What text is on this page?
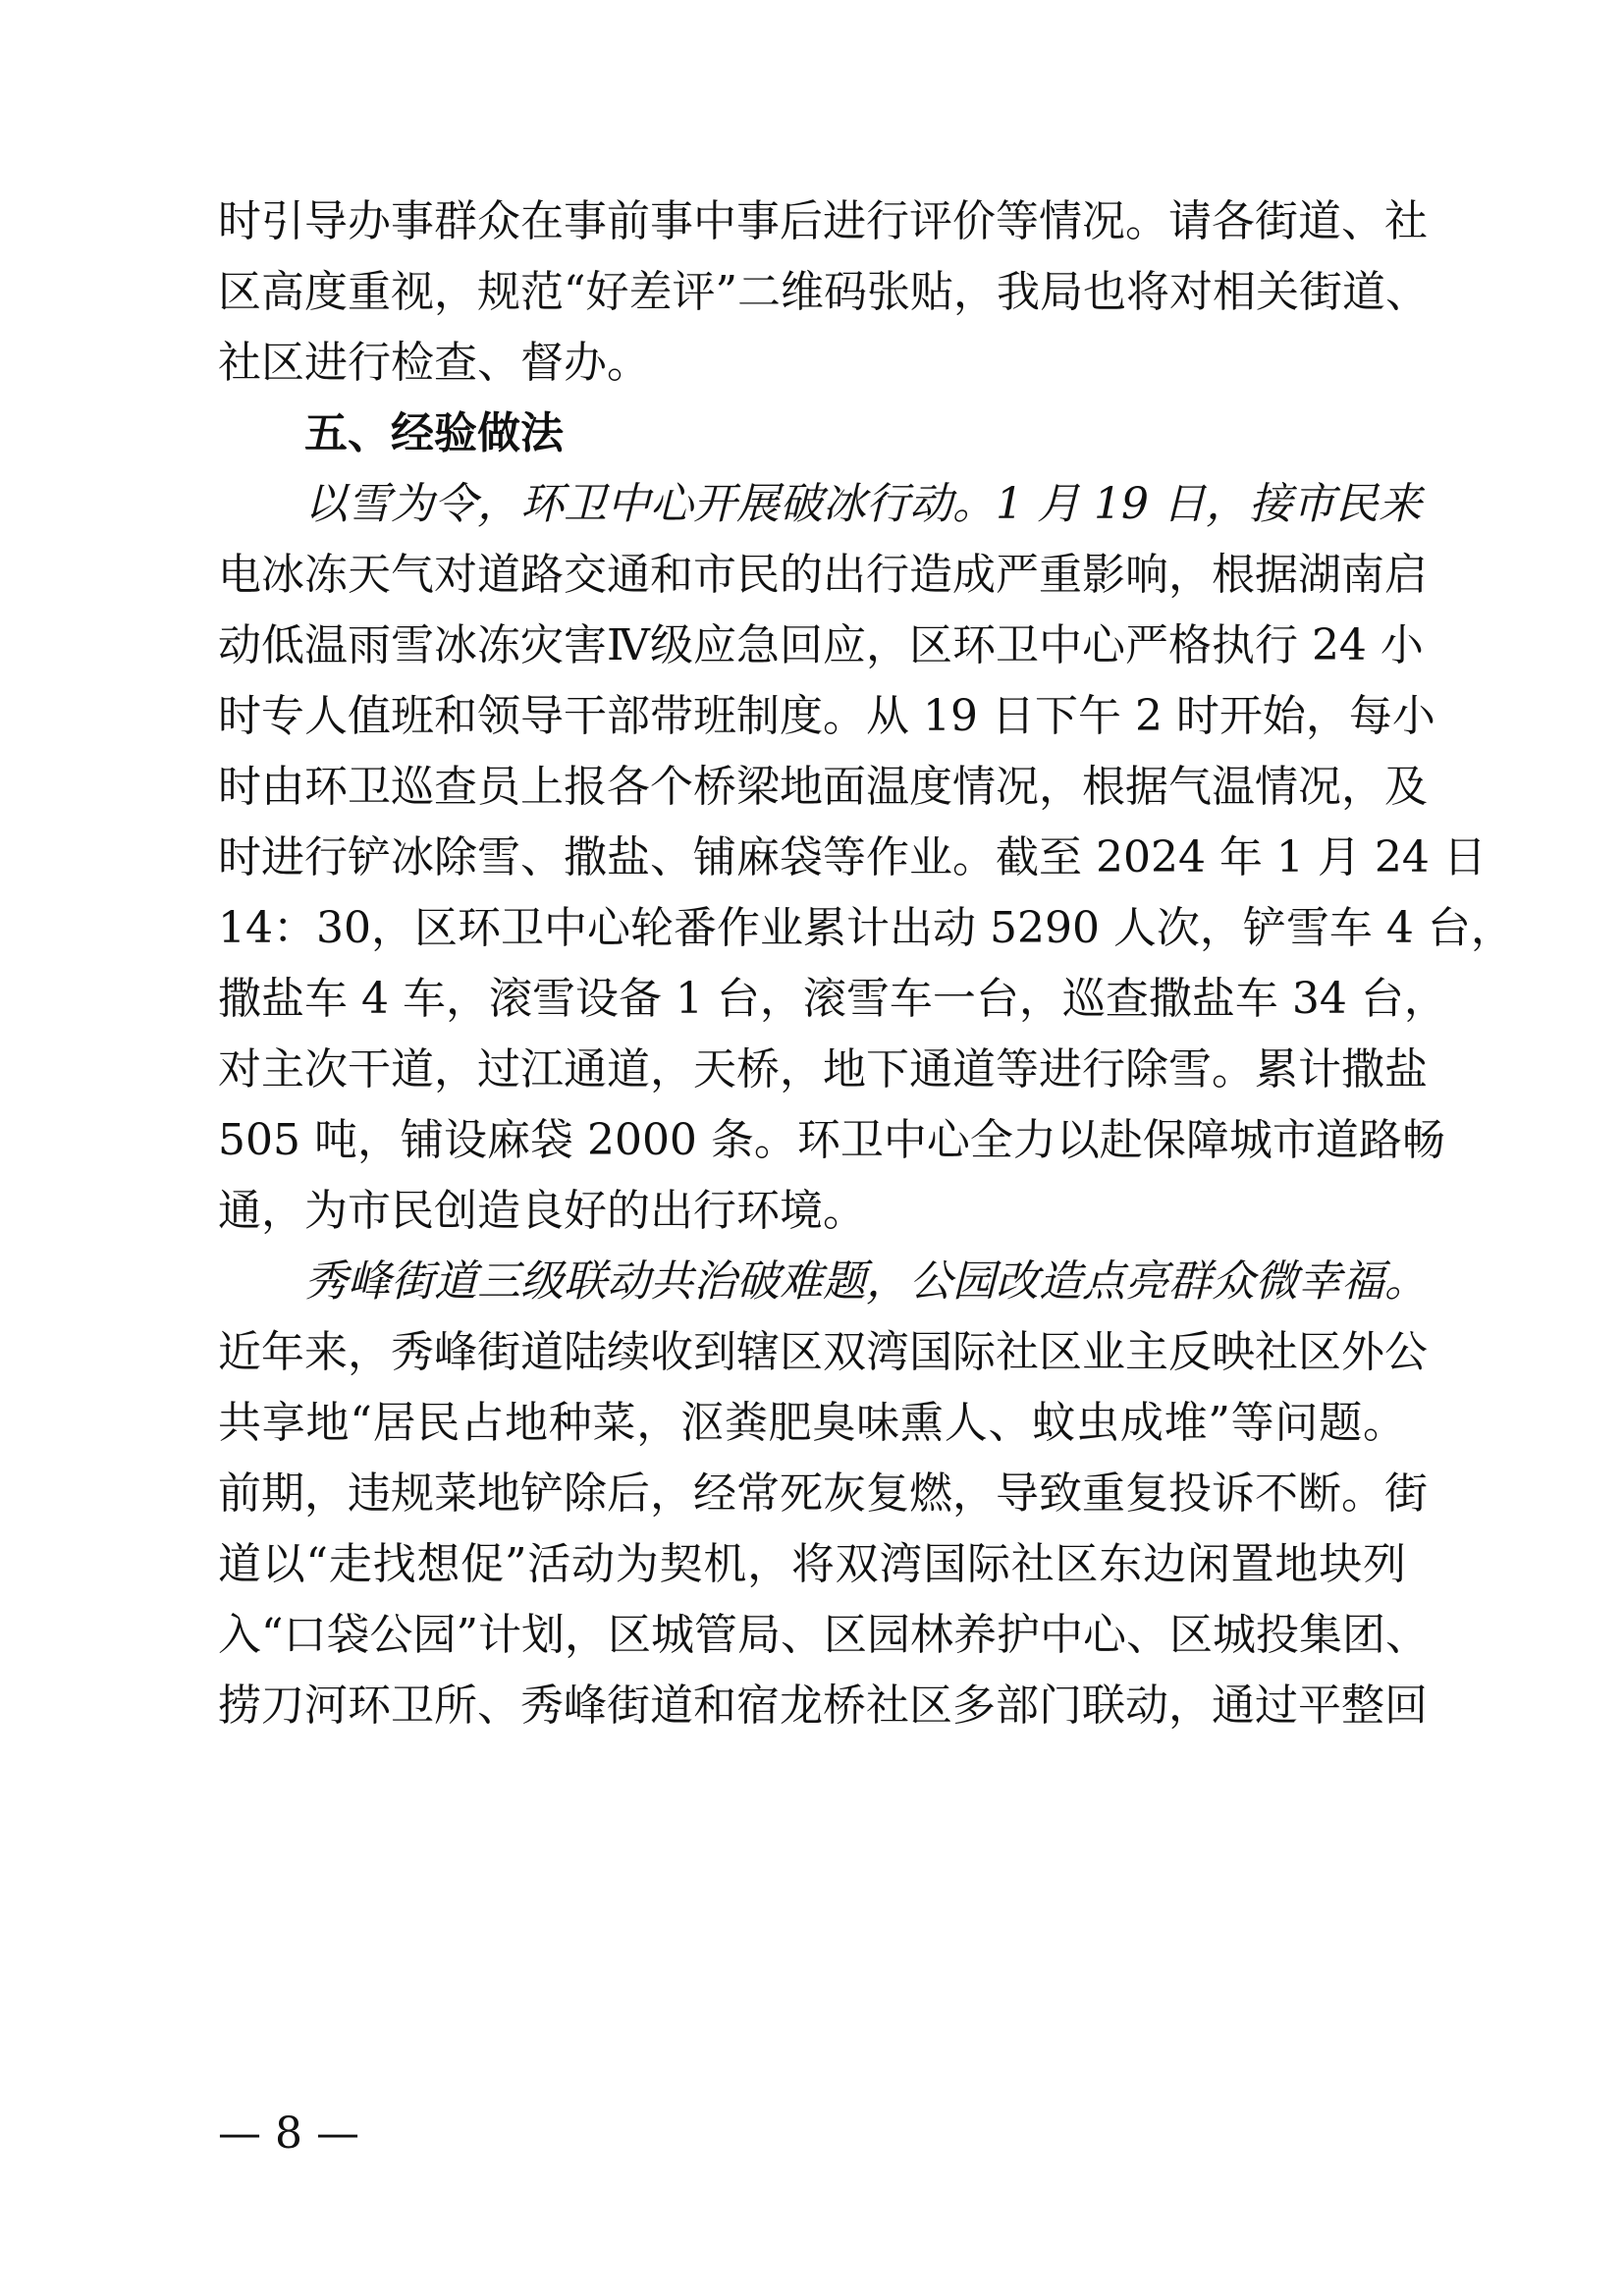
时引导办事群众在事前事中事后进行评价等情况。请各街道、社
区高度重视，规范“好差评”二维码张贴，我局也将对相关街道、
社区进行检查、督办。
五、经验做法
以雪为令，环卫中心开展破冰行动。1 月 19 日，接市民来
电冰冻天气对道路交通和市民的出行造成严重影响，根据湖南启
动低温雨雪冰冻灾害Ⅳ级应急回应，区环卫中心严格执行 24 小
时专人值班和领导干部带班制度。从 19 日下午 2 时开始，每小
时由环卫巡查员上报各个桥梁地面温度情况，根据气温情况，及
时进行铲冰除雪、撒盐、铺麻袋等作业。截至 2024 年 1 月 24 日
14：30，区环卫中心轮番作业累计出动 5290 人次，铲雪车 4 台，
撒盐车 4 车，滚雪设备 1 台，滚雪车一台，巡查撒盐车 34 台，
对主次干道，过江通道，天桥，地下通道等进行除雪。累计撒盐
505 吨，铺设麻袋 2000 条。环卫中心全力以赴保障城市道路畅
通，为市民创造良好的出行环境。
秀峰街道三级联动共治破难题，公园改造点亮群众微幸福。
近年来，秀峰街道陆续收到辖区双湾国际社区业主反映社区外公
共享地“居民占地种菜，沤粪肥臭味熏人、蚊虫成堆”等问题。
前期，违规菜地铲除后，经常死灰复燃，导致重复投诉不断。街
道以“走找想促”活动为契机，将双湾国际社区东边闲置地块列
入“口袋公园”计划，区城管局、区园林养护中心、区城投集团、
捞刀河环卫所、秀峰街道和宿龙桥社区多部门联动，通过平整回
— 8 —
